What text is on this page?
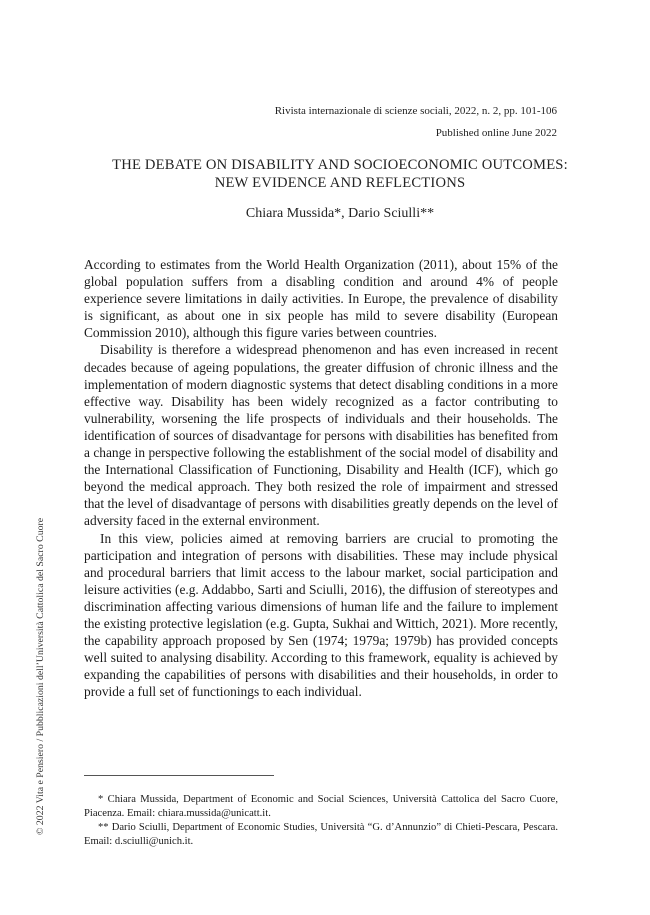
Rivista internazionale di scienze sociali, 2022, n. 2, pp. 101-106
Published online June 2022
THE DEBATE ON DISABILITY AND SOCIOECONOMIC OUTCOMES:
NEW EVIDENCE AND REFLECTIONS
Chiara Mussida*, Dario Sciulli**

According to estimates from the World Health Organization (2011), about 15% of the global population suffers from a disabling condition and around 4% of people experience severe limitations in daily activities. In Europe, the prevalence of disability is significant, as about one in six people has mild to severe disability (European Commission 2010), although this figure varies between countries.

Disability is therefore a widespread phenomenon and has even increased in recent decades because of ageing populations, the greater diffusion of chronic illness and the implementation of modern diagnostic systems that detect disabling conditions in a more effective way. Disability has been widely recognized as a factor contributing to vulnerability, worsening the life prospects of individuals and their households. The identification of sources of disadvantage for persons with disabilities has benefited from a change in perspective following the establishment of the social model of disability and the International Classification of Functioning, Disability and Health (ICF), which go beyond the medical approach. They both resized the role of impairment and stressed that the level of disadvantage of persons with disabilities greatly depends on the level of adversity faced in the external environment.

In this view, policies aimed at removing barriers are crucial to promoting the participation and integration of persons with disabilities. These may include physical and procedural barriers that limit access to the labour market, social participation and leisure activities (e.g. Addabbo, Sarti and Sciulli, 2016), the diffusion of stereotypes and discrimination affecting various dimensions of human life and the failure to implement the existing protective legislation (e.g. Gupta, Sukhai and Wittich, 2021). More recently, the capability approach proposed by Sen (1974; 1979a; 1979b) has provided concepts well suited to analysing disability. According to this framework, equality is achieved by expanding the capabilities of persons with disabilities and their households, in order to provide a full set of functionings to each individual.

* Chiara Mussida, Department of Economic and Social Sciences, Università Cattolica del Sacro Cuore, Piacenza. Email: chiara.mussida@unicatt.it.

** Dario Sciulli, Department of Economic Studies, Università “G. d’Annunzio” di Chieti-Pescara, Pescara. Email: d.sciulli@unich.it.

© 2022 Vita e Pensiero / Pubblicazioni dell’Università Cattolica del Sacro Cuore
